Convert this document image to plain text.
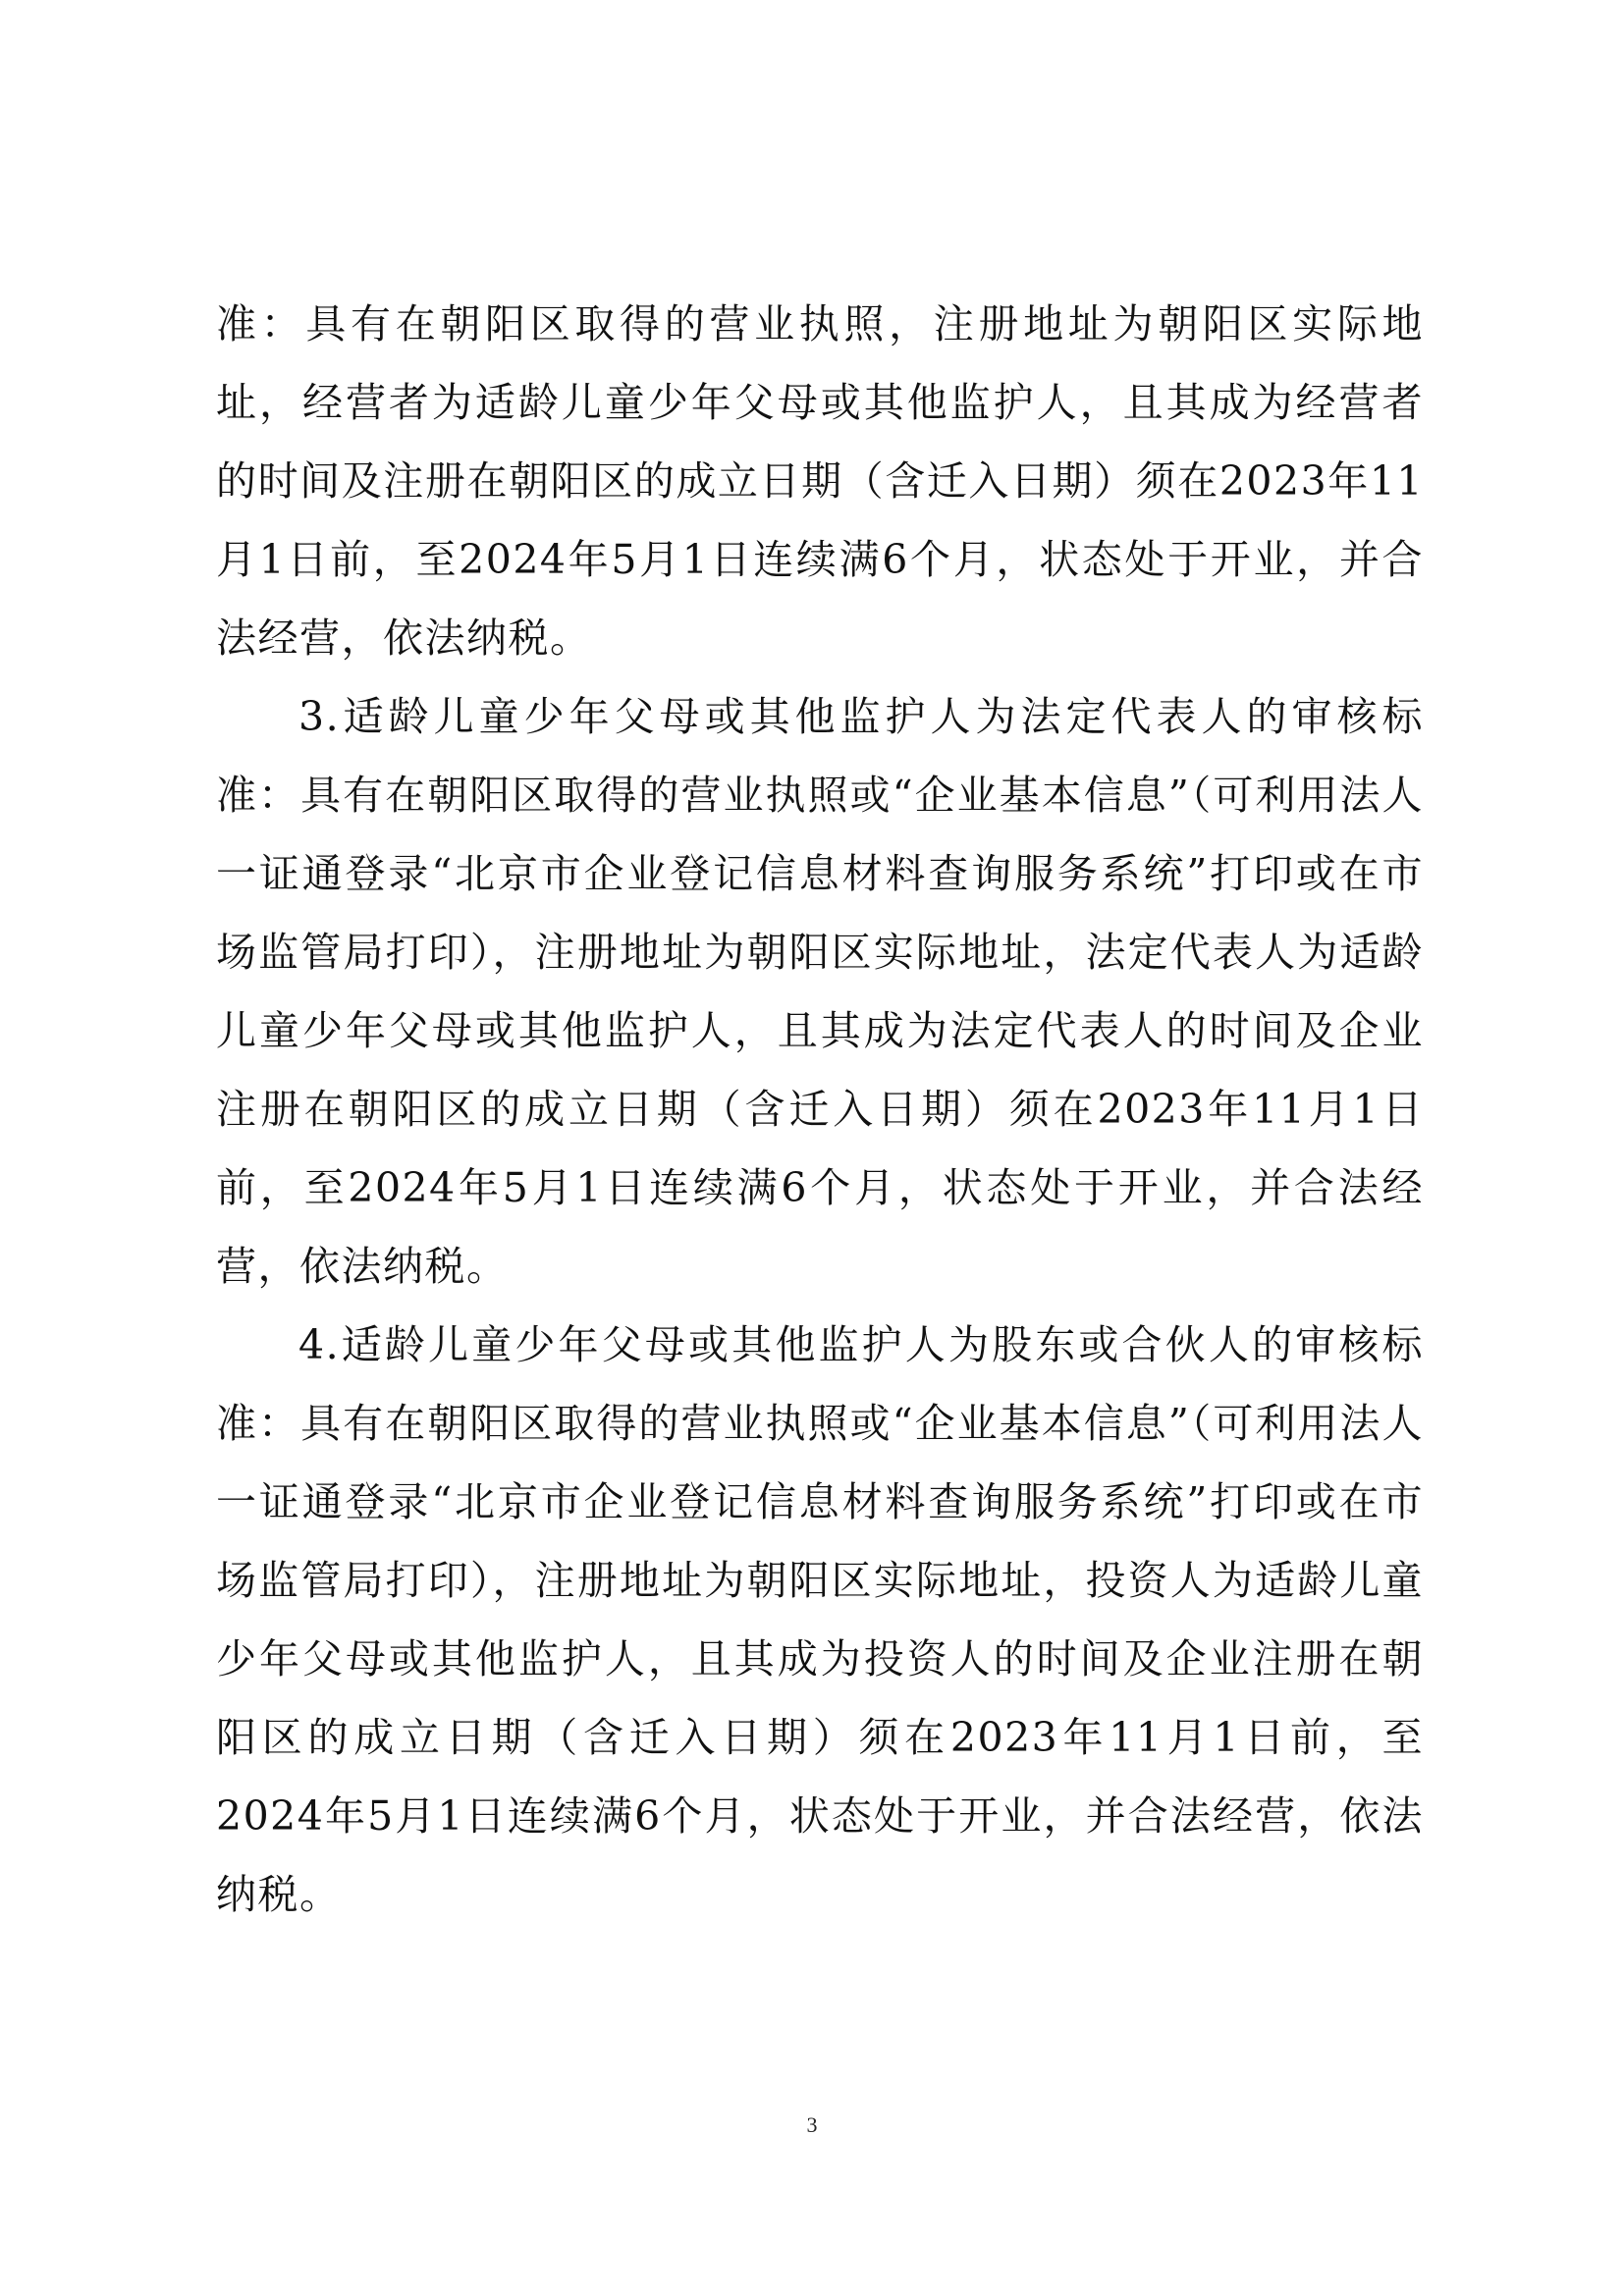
准：具有在朝阳区取得的营业执照，注册地址为朝阳区实际地址，经营者为适龄儿童少年父母或其他监护人，且其成为经营者的时间及注册在朝阳区的成立日期（含迁入日期）须在2023年11月1日前，至2024年5月1日连续满6个月，状态处于开业，并合法经营，依法纳税。

3.适龄儿童少年父母或其他监护人为法定代表人的审核标准：具有在朝阳区取得的营业执照或“企业基本信息”（可利用法人一证通登录“北京市企业登记信息材料查询服务系统”打印或在市场监管局打印），注册地址为朝阳区实际地址，法定代表人为适龄儿童少年父母或其他监护人，且其成为法定代表人的时间及企业注册在朝阳区的成立日期（含迁入日期）须在2023年11月1日前，至2024年5月1日连续满6个月，状态处于开业，并合法经营，依法纳税。

4.适龄儿童少年父母或其他监护人为股东或合伙人的审核标准：具有在朝阳区取得的营业执照或“企业基本信息”（可利用法人一证通登录“北京市企业登记信息材料查询服务系统”打印或在市场监管局打印），注册地址为朝阳区实际地址，投资人为适龄儿童少年父母或其他监护人，且其成为投资人的时间及企业注册在朝阳区的成立日期（含迁入日期）须在2023年11月1日前，至2024年5月1日连续满6个月，状态处于开业，并合法经营，依法纳税。

3
